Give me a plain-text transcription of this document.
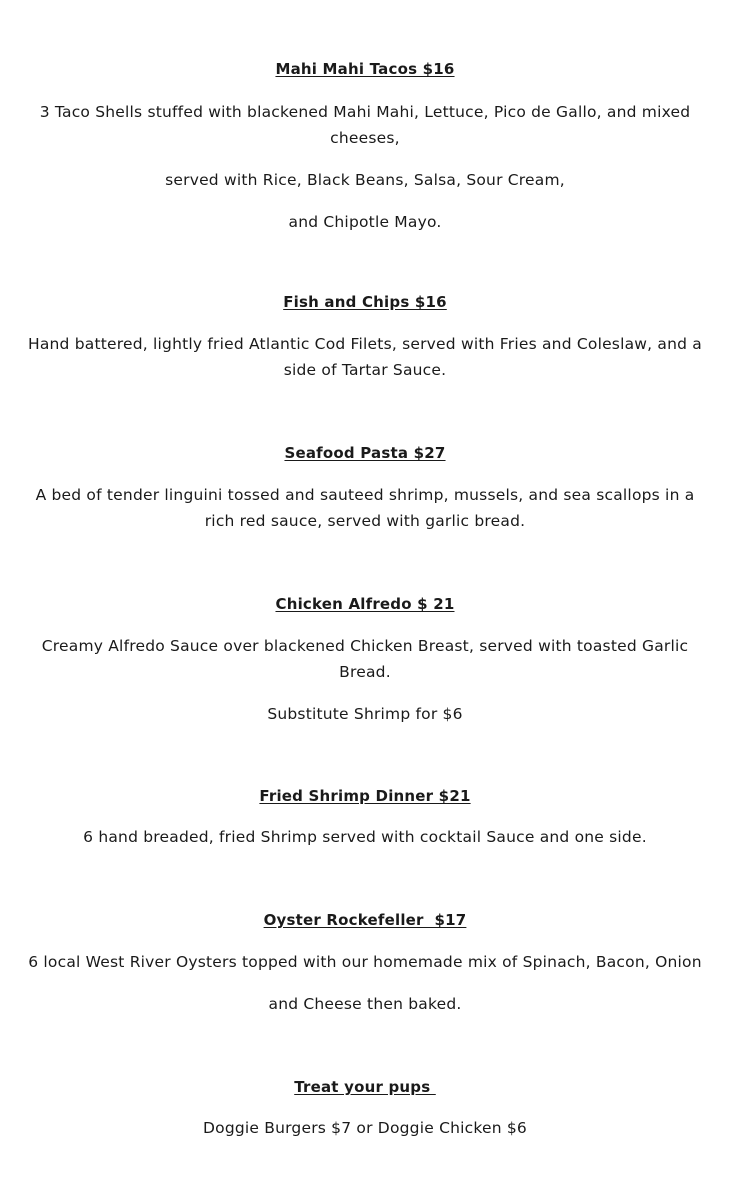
Mahi Mahi Tacos $16

3 Taco Shells stuffed with blackened Mahi Mahi, Lettuce, Pico de Gallo, and mixed cheeses,

served with Rice, Black Beans, Salsa, Sour Cream,

and Chipotle Mayo.

Fish and Chips $16

Hand battered, lightly fried Atlantic Cod Filets, served with Fries and Coleslaw, and a side of Tartar Sauce.

Seafood Pasta $27

A bed of tender linguini tossed and sauteed shrimp, mussels, and sea scallops in a rich red sauce, served with garlic bread.

Chicken Alfredo $ 21

Creamy Alfredo Sauce over blackened Chicken Breast, served with toasted Garlic Bread.

Substitute Shrimp for $6

Fried Shrimp Dinner $21

6 hand breaded, fried Shrimp served with cocktail Sauce and one side.

Oyster Rockefeller  $17

6 local West River Oysters topped with our homemade mix of Spinach, Bacon, Onion

and Cheese then baked.

Treat your pups

Doggie Burgers $7 or Doggie Chicken $6
